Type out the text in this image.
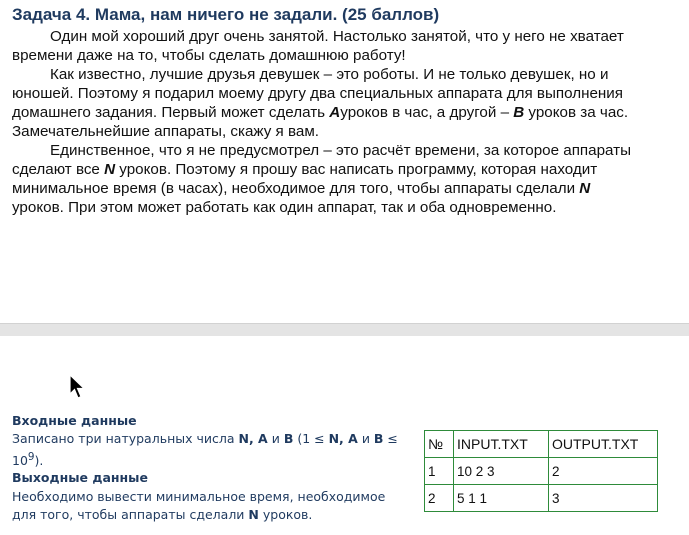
Задача 4. Мама, нам ничего не задали. (25 баллов)
Один мой хороший друг очень занятой. Настолько занятой, что у него не хватает
времени даже на то, чтобы сделать домашнюю работу!
Как известно, лучшие друзья девушек – это роботы. И не только девушек, но и
юношей. Поэтому я подарил моему другу два специальных аппарата для выполнения
домашнего задания. Первый может сделать Aуроков в час, а другой – B уроков за час.
Замечательнейшие аппараты, скажу я вам.
Единственное, что я не предусмотрел – это расчёт времени, за которое аппараты
сделают все N уроков. Поэтому я прошу вас написать программу, которая находит
минимальное время (в часах), необходимое для того, чтобы аппараты сделали N
уроков. При этом может работать как один аппарат, так и оба одновременно.
Входные данные
Записано три натуральных числа N, A и B (1 ≤ N, A и B ≤
$10^9$).
Выходные данные
Необходимо вывести минимальное время, необходимое
для того, чтобы аппараты сделали N уроков.
№	INPUT.TXT	OUTPUT.TXT
1	10 2 3	2
2	5 1 1	3
